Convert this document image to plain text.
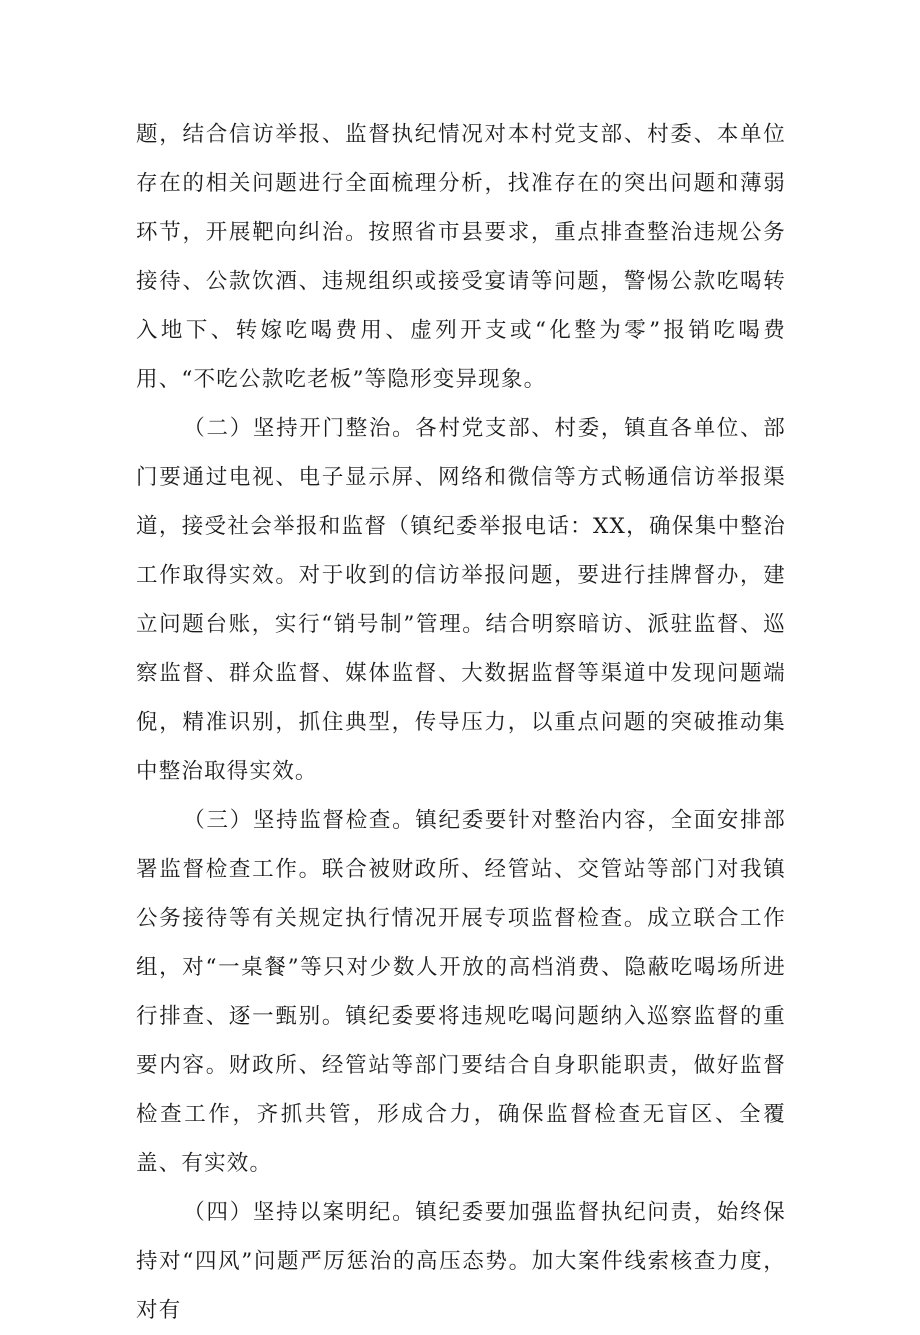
题，结合信访举报、监督执纪情况对本村党支部、村委、本单位存在的相关问题进行全面梳理分析，找准存在的突出问题和薄弱环节，开展靶向纠治。按照省市县要求，重点排查整治违规公务接待、公款饮酒、违规组织或接受宴请等问题，警惕公款吃喝转入地下、转嫁吃喝费用、虚列开支或“化整为零”报销吃喝费用、“不吃公款吃老板”等隐形变异现象。

（二）坚持开门整治。各村党支部、村委，镇直各单位、部门要通过电视、电子显示屏、网络和微信等方式畅通信访举报渠道，接受社会举报和监督（镇纪委举报电话：XX，确保集中整治工作取得实效。对于收到的信访举报问题，要进行挂牌督办，建立问题台账，实行“销号制”管理。结合明察暗访、派驻监督、巡察监督、群众监督、媒体监督、大数据监督等渠道中发现问题端倪，精准识别，抓住典型，传导压力，以重点问题的突破推动集中整治取得实效。

（三）坚持监督检查。镇纪委要针对整治内容，全面安排部署监督检查工作。联合被财政所、经管站、交管站等部门对我镇公务接待等有关规定执行情况开展专项监督检查。成立联合工作组，对“一桌餐”等只对少数人开放的高档消费、隐蔽吃喝场所进行排查、逐一甄别。镇纪委要将违规吃喝问题纳入巡察监督的重要内容。财政所、经管站等部门要结合自身职能职责，做好监督检查工作，齐抓共管，形成合力，确保监督检查无盲区、全覆盖、有实效。

（四）坚持以案明纪。镇纪委要加强监督执纪问责，始终保持对“四风”问题严厉惩治的高压态势。加大案件线索核查力度，对有
